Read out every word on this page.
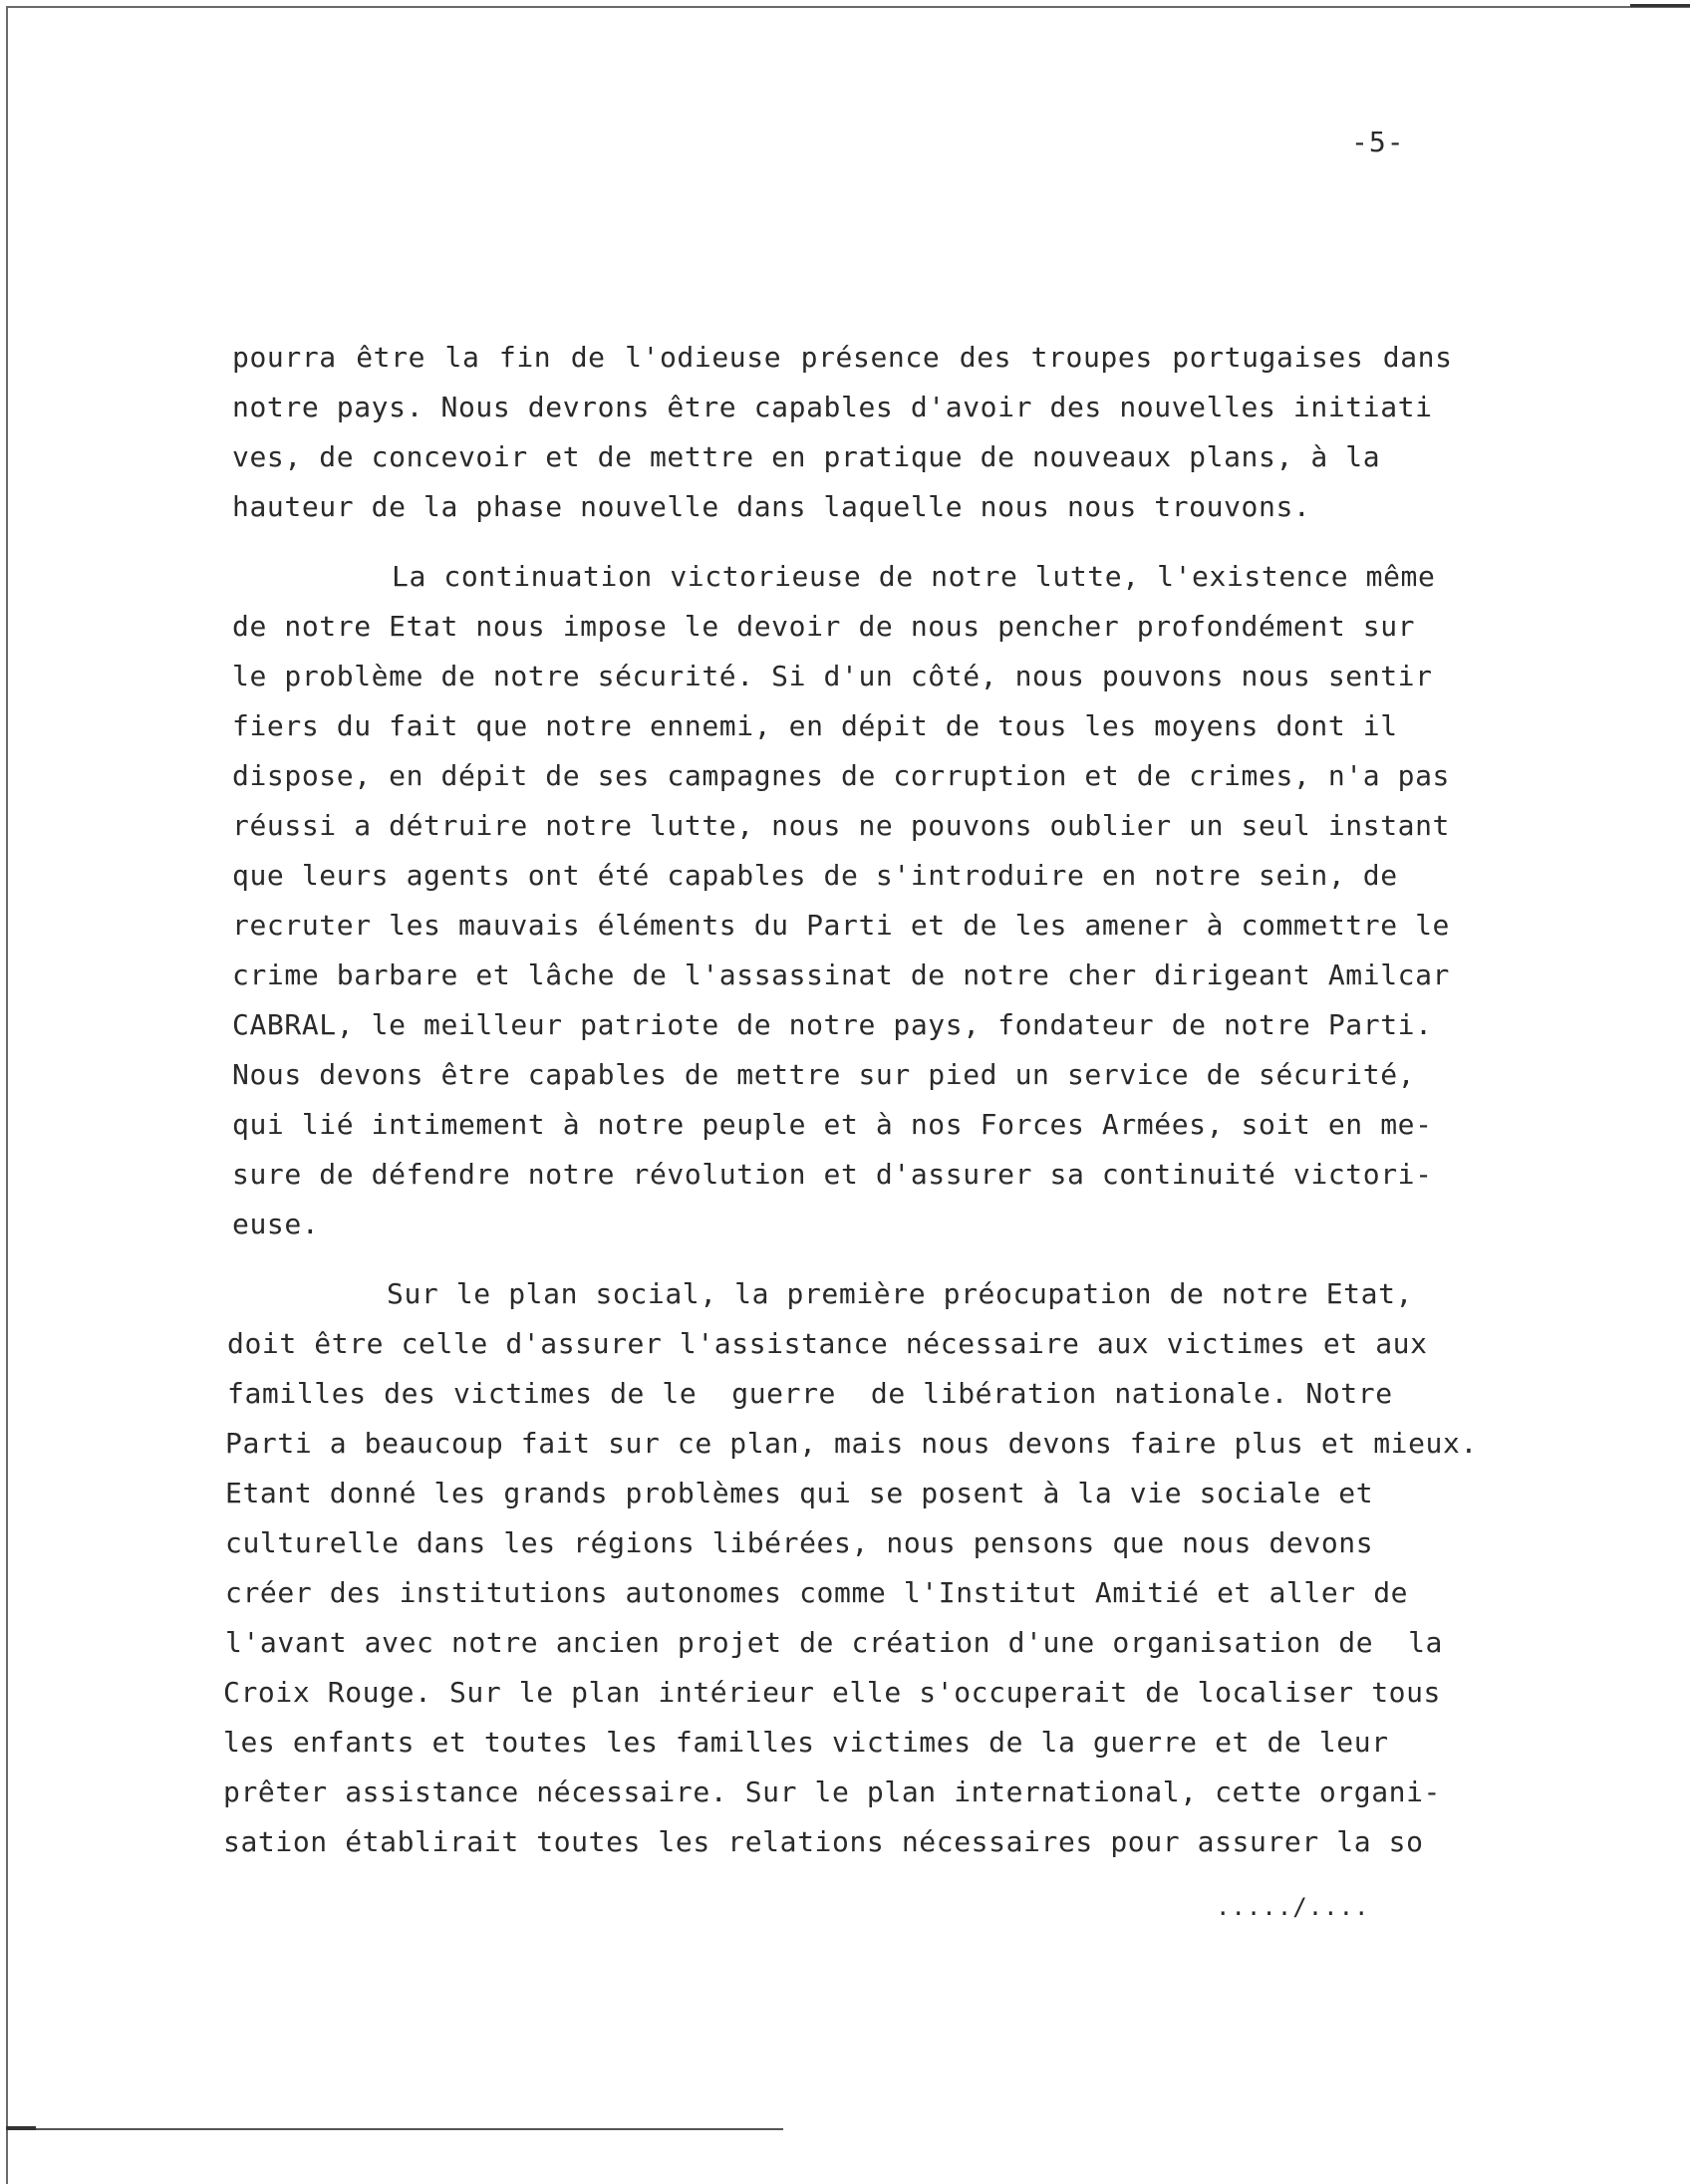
-5-
pourra être la fin de l'odieuse présence des troupes portugaises dans
notre pays. Nous devrons être capables d'avoir des nouvelles initiati
ves, de concevoir et de mettre en pratique de nouveaux plans, à la
hauteur de la phase nouvelle dans laquelle nous nous trouvons.
La continuation victorieuse de notre lutte, l'existence même
de notre Etat nous impose le devoir de nous pencher profondément sur
le problème de notre sécurité. Si d'un côté, nous pouvons nous sentir
fiers du fait que notre ennemi, en dépit de tous les moyens dont il
dispose, en dépit de ses campagnes de corruption et de crimes, n'a pas
réussi a détruire notre lutte, nous ne pouvons oublier un seul instant
que leurs agents ont été capables de s'introduire en notre sein, de
recruter les mauvais éléments du Parti et de les amener à commettre le
crime barbare et lâche de l'assassinat de notre cher dirigeant Amilcar
CABRAL, le meilleur patriote de notre pays, fondateur de notre Parti.
Nous devons être capables de mettre sur pied un service de sécurité,
qui lié intimement à notre peuple et à nos Forces Armées, soit en me-
sure de défendre notre révolution et d'assurer sa continuité victori-
euse.
Sur le plan social, la première préocupation de notre Etat,
doit être celle d'assurer l'assistance nécessaire aux victimes et aux
familles des victimes de le  guerre  de libération nationale. Notre
Parti a beaucoup fait sur ce plan, mais nous devons faire plus et mieux.
Etant donné les grands problèmes qui se posent à la vie sociale et
culturelle dans les régions libérées, nous pensons que nous devons
créer des institutions autonomes comme l'Institut Amitié et aller de
l'avant avec notre ancien projet de création d'une organisation de  la
Croix Rouge. Sur le plan intérieur elle s'occuperait de localiser tous
les enfants et toutes les familles victimes de la guerre et de leur
prêter assistance nécessaire. Sur le plan international, cette organi-
sation établirait toutes les relations nécessaires pour assurer la so
...../....
